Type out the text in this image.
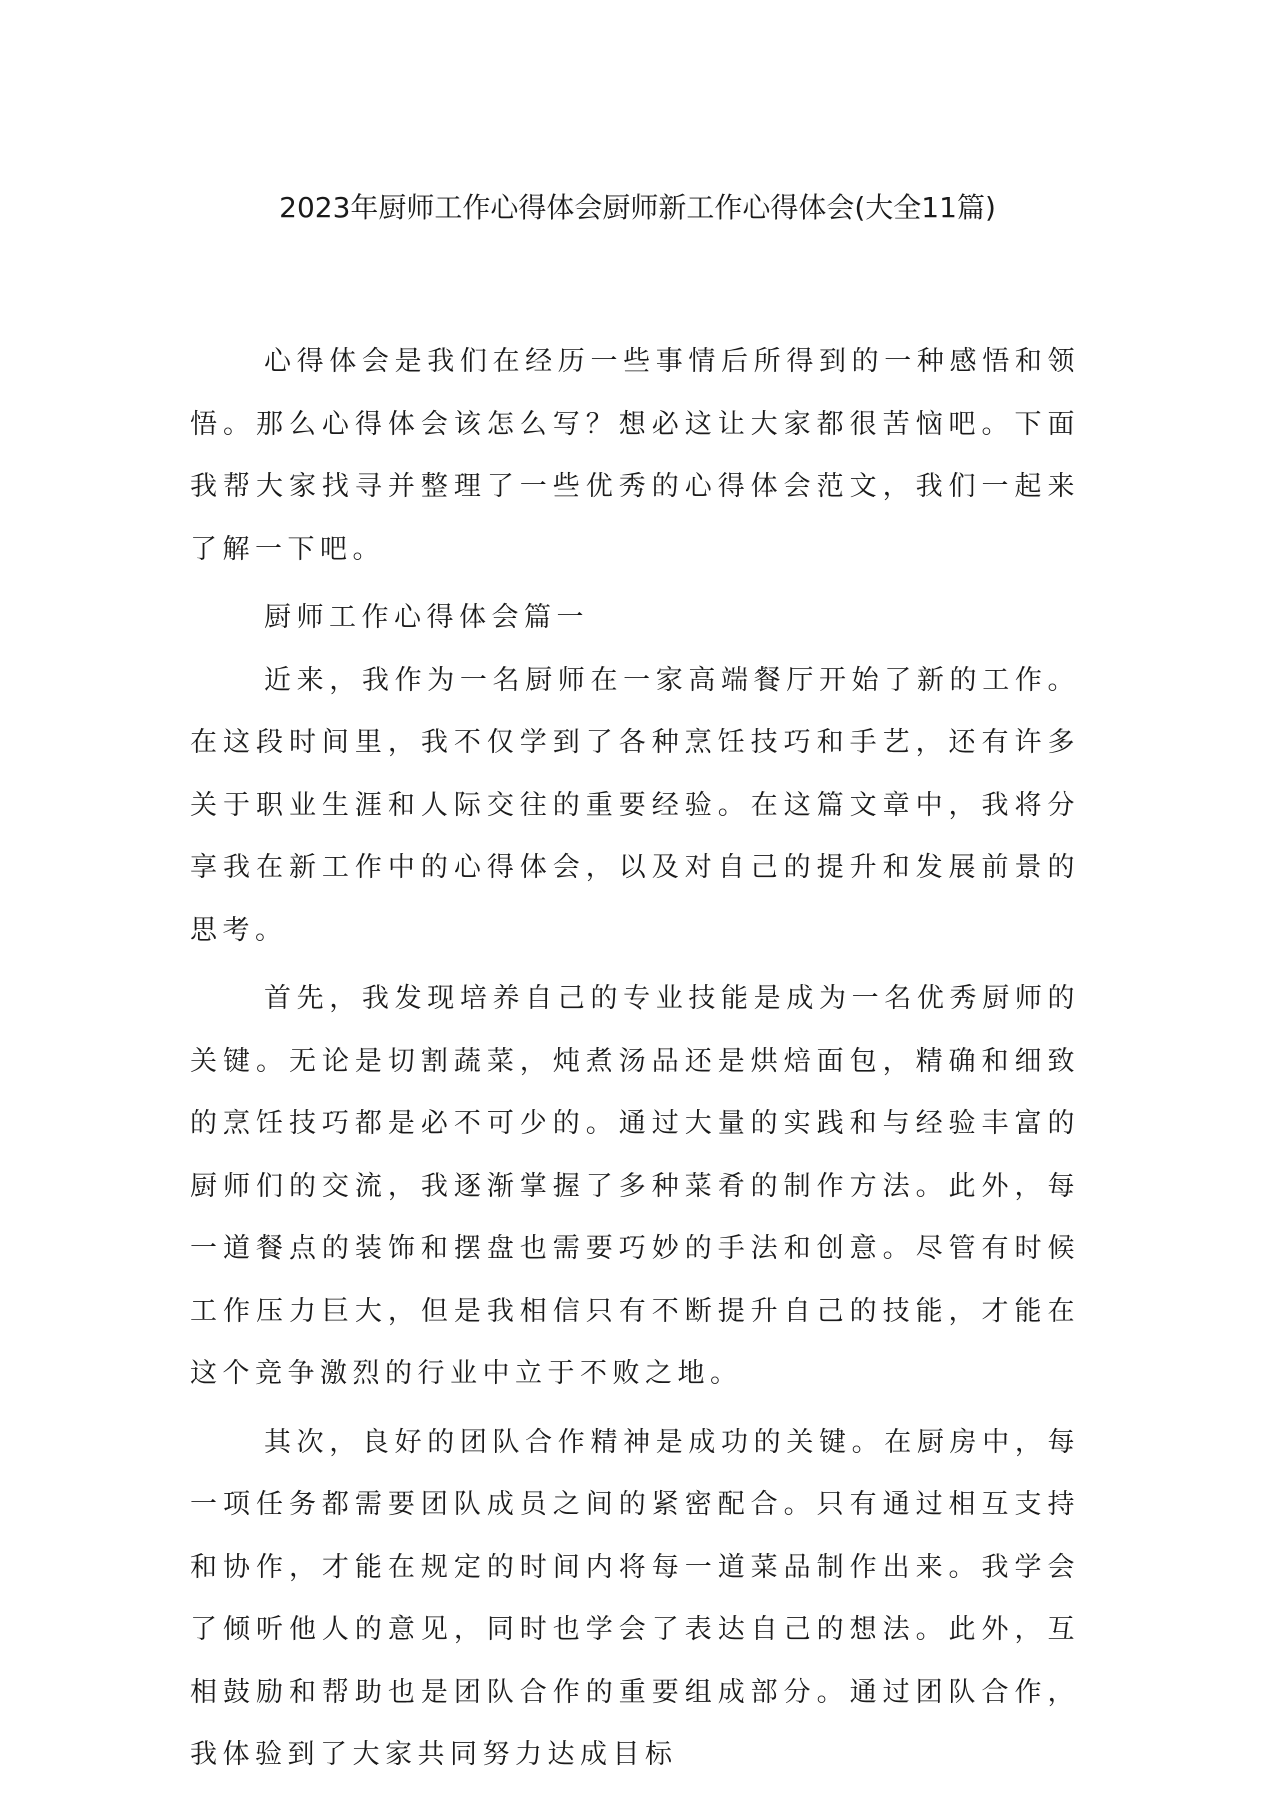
2023年厨师工作心得体会厨师新工作心得体会(大全11篇)

心得体会是我们在经历一些事情后所得到的一种感悟和领悟。那么心得体会该怎么写？想必这让大家都很苦恼吧。下面我帮大家找寻并整理了一些优秀的心得体会范文，我们一起来了解一下吧。

厨师工作心得体会篇一

近来，我作为一名厨师在一家高端餐厅开始了新的工作。在这段时间里，我不仅学到了各种烹饪技巧和手艺，还有许多关于职业生涯和人际交往的重要经验。在这篇文章中，我将分享我在新工作中的心得体会，以及对自己的提升和发展前景的思考。

首先，我发现培养自己的专业技能是成为一名优秀厨师的关键。无论是切割蔬菜，炖煮汤品还是烘焙面包，精确和细致的烹饪技巧都是必不可少的。通过大量的实践和与经验丰富的厨师们的交流，我逐渐掌握了多种菜肴的制作方法。此外，每一道餐点的装饰和摆盘也需要巧妙的手法和创意。尽管有时候工作压力巨大，但是我相信只有不断提升自己的技能，才能在这个竞争激烈的行业中立于不败之地。

其次，良好的团队合作精神是成功的关键。在厨房中，每一项任务都需要团队成员之间的紧密配合。只有通过相互支持和协作，才能在规定的时间内将每一道菜品制作出来。我学会了倾听他人的意见，同时也学会了表达自己的想法。此外，互相鼓励和帮助也是团队合作的重要组成部分。通过团队合作，我体验到了大家共同努力达成目标
